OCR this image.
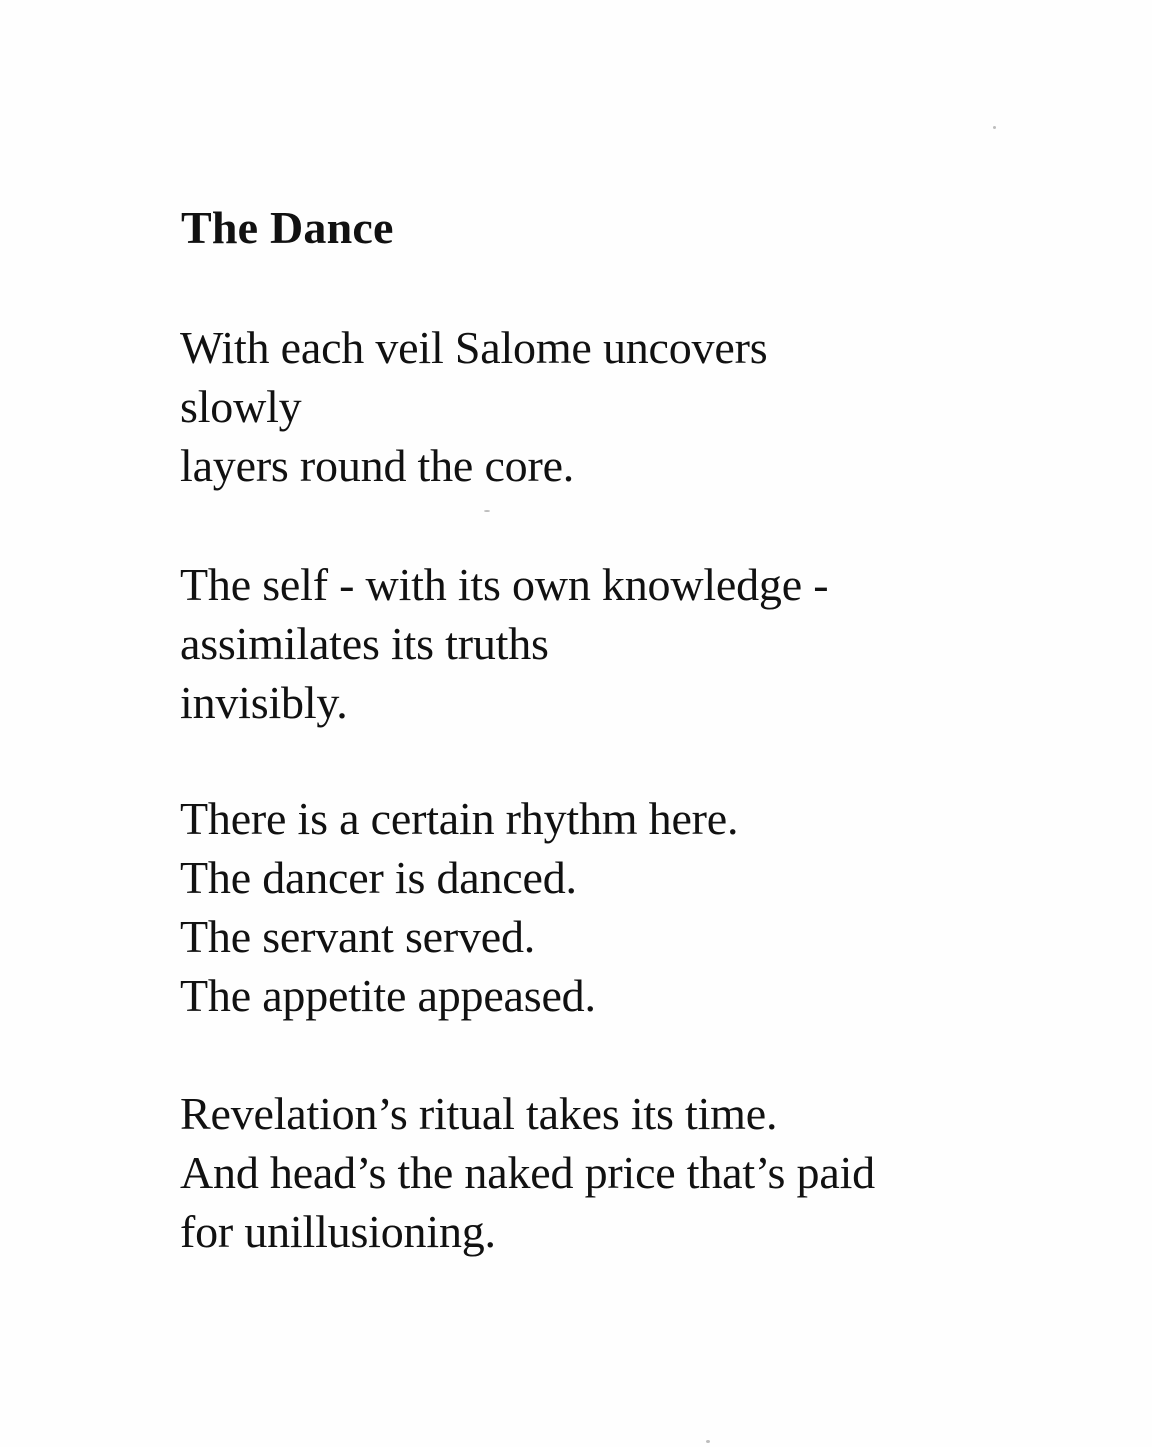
The Dance

With each veil Salome uncovers
slowly
layers round the core.

The self - with its own knowledge -
assimilates its truths
invisibly.

There is a certain rhythm here.
The dancer is danced.
The servant served.
The appetite appeased.

Revelation’s ritual takes its time.
And head’s the naked price that’s paid
for unillusioning.
